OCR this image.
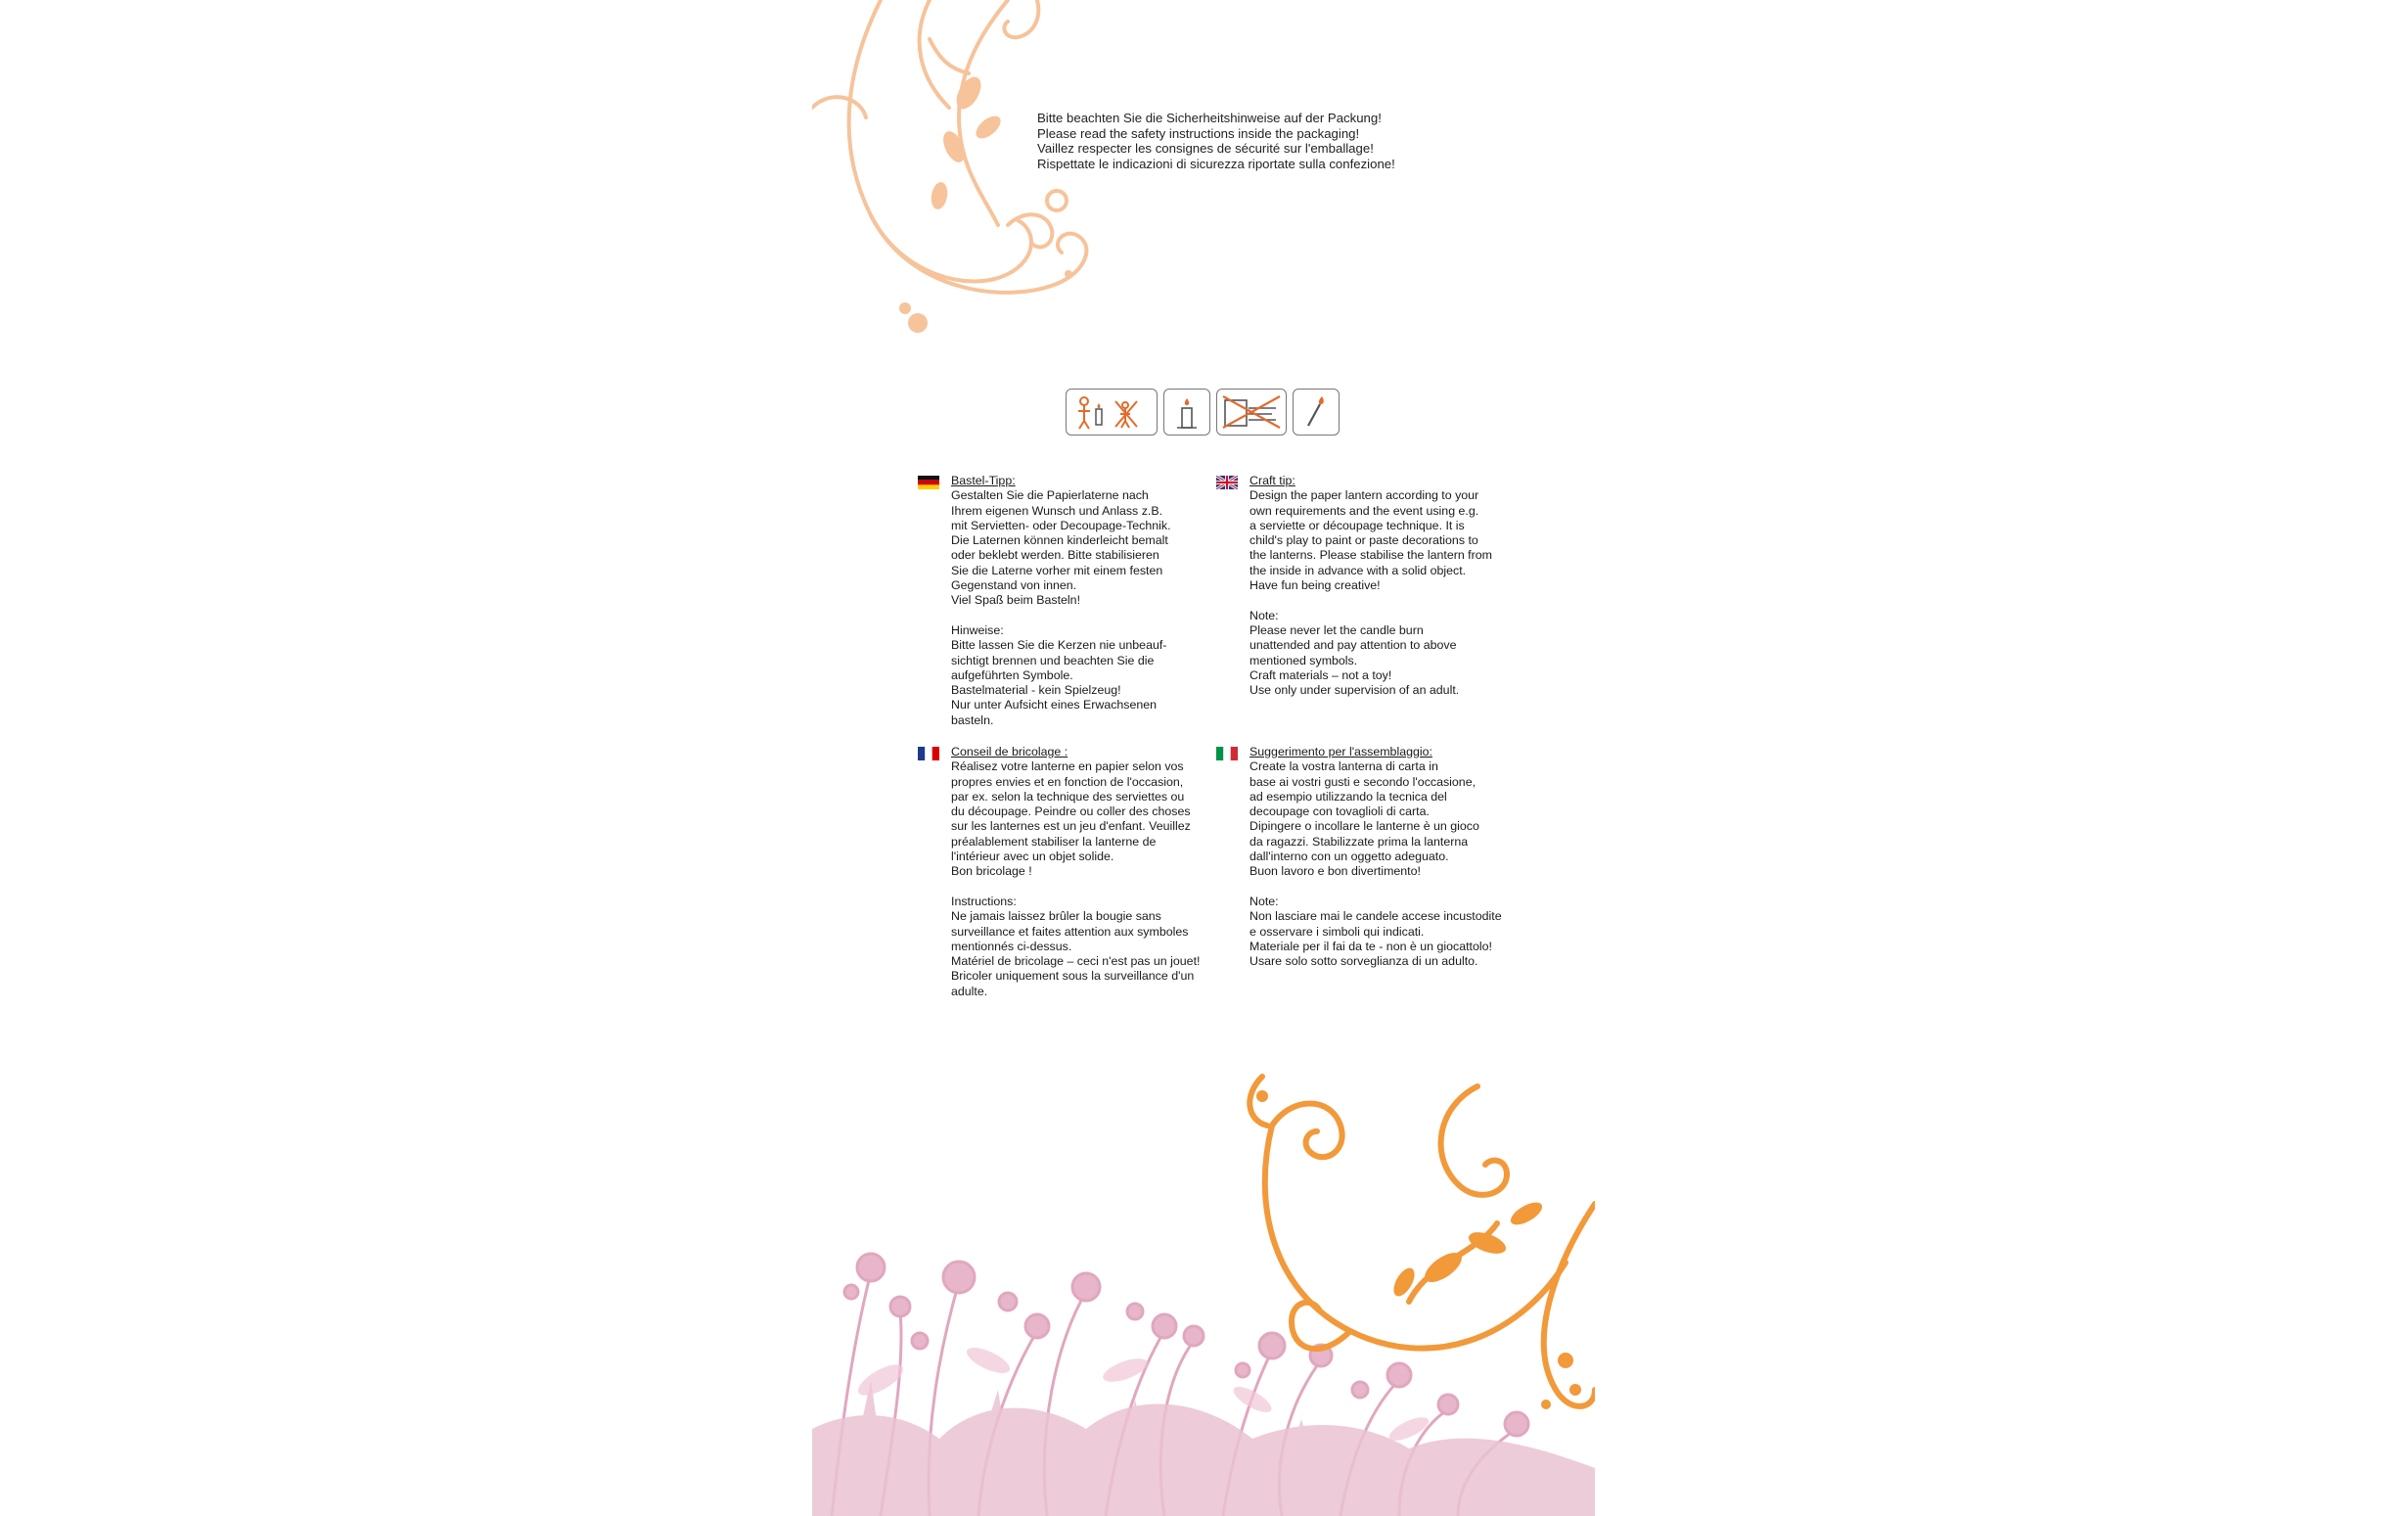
Bitte beachten Sie die Sicherheitshinweise auf der Packung!
Please read the safety instructions inside the packaging!
Vaillez respecter les consignes de sécurité sur l'emballage!
Rispettate le indicazioni di sicurezza riportate sulla confezione!
Bastel-Tipp:
Gestalten Sie die Papierlaterne nach
Ihrem eigenen Wunsch und Anlass z.B.
mit Servietten- oder Decoupage-Technik.
Die Laternen können kinderleicht bemalt
oder beklebt werden. Bitte stabilisieren
Sie die Laterne vorher mit einem festen
Gegenstand von innen.
Viel Spaß beim Basteln!
Hinweise:
Bitte lassen Sie die Kerzen nie unbeauf-
sichtigt brennen und beachten Sie die
aufgeführten Symbole.
Bastelmaterial - kein Spielzeug!
Nur unter Aufsicht eines Erwachsenen
basteln.
Craft tip:
Design the paper lantern according to your
own requirements and the event using e.g.
a serviette or découpage technique. It is
child's play to paint or paste decorations to
the lanterns. Please stabilise the lantern from
the inside in advance with a solid object.
Have fun being creative!
Note:
Please never let the candle burn
unattended and pay attention to above
mentioned symbols.
Craft materials – not a toy!
Use only under supervision of an adult.
Conseil de bricolage :
Réalisez votre lanterne en papier selon vos
propres envies et en fonction de l'occasion,
par ex. selon la technique des serviettes ou
du découpage. Peindre ou coller des choses
sur les lanternes est un jeu d'enfant. Veuillez
préalablement stabiliser la lanterne de
l'intérieur avec un objet solide.
Bon bricolage !
Instructions:
Ne jamais laissez brûler la bougie sans
surveillance et faites attention aux symboles
mentionnés ci-dessus.
Matériel de bricolage – ceci n'est pas un jouet!
Bricoler uniquement sous la surveillance d'un
adulte.
Suggerimento per l'assemblaggio:
Create la vostra lanterna di carta in
base ai vostri gusti e secondo l'occasione,
ad esempio utilizzando la tecnica del
decoupage con tovaglioli di carta.
Dipingere o incollare le lanterne è un gioco
da ragazzi. Stabilizzate prima la lanterna
dall'interno con un oggetto adeguato.
Buon lavoro e bon divertimento!
Note:
Non lasciare mai le candele accese incustodite
e osservare i simboli qui indicati.
Materiale per il fai da te - non è un giocattolo!
Usare solo sotto sorveglianza di un adulto.
